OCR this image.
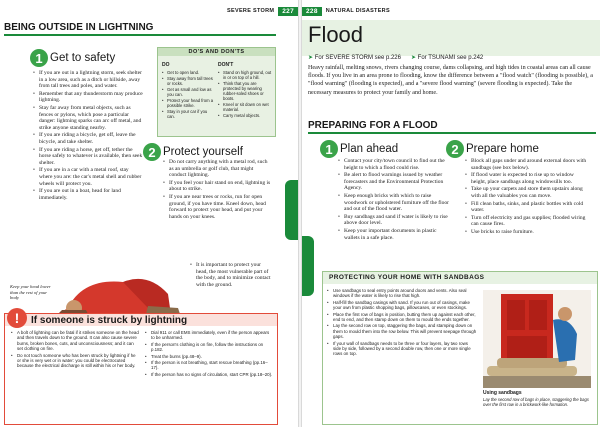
SEVERE STORM	227
BEING OUTSIDE IN LIGHTNING
1 Get to safety
• If you are out in a lightning storm, seek shelter in a low area, such as a ditch or hillside, away from tall trees and poles, and water.
• Remember that any thunderstorm may produce lightning.
• Stay far away from metal objects, such as fences or pylons, which pose a particular danger: lightning sparks can arc off metal, and strike anyone standing nearby.
• If you are riding a bicycle, get off, leave the bicycle, and take shelter.
• If you are riding a horse, get off, tether the horse safely to whatever is available, then seek shelter.
• If you are in a car with a metal roof, stay where you are: the car's metal shell and rubber wheels will protect you.
• If you are out in a boat, head for land immediately.
DO'S AND DON'TS
DO
• Get to open land.
• Stay away from tall trees or rocks.
• Get as small and low as you can.
• Protect your head from a possible strike.
• Stay in your car if you can.
DON'T
• Stand on high ground, out in or on top of a hill.
• Think that you are protected by wearing rubber-soled shoes or boots.
• Kneel or sit down on wet material.
• Carry metal objects.
2 Protect yourself
• Do not carry anything with a metal rod, such as an umbrella or golf club, that might conduct lightning.
• If you feel your hair stand on end, lightning is about to strike.
• If you are near trees or rocks, run for open ground, if you have time. Kneel down, head forward to protect your head, and put your hands on your knees.
• It is important to protect your head, the most vulnerable part of the body, and to minimize contact with the ground.
Keep your head lower than the rest of your body
!	If someone is struck by lightning
• A bolt of lightning can be fatal if it strikes someone on the head and then travels down to the ground. It can also cause severe burns, broken bones, cuts, and unconsciousness; and it can set clothing on fire.
• Do not touch someone who has been struck by lightning if he or she is very wet or in water: you could be electrocuted because the electrical discharge is still within his or her body.
• Dial 911 or call EMS immediately, even if the person appears to be unharmed.
• If the person's clothing is on fire, follow the instructions on p.182.
• Treat the burns (pp.48–9).
• If the person is not breathing, start rescue breathing (pp.16–17).
• If the person has no signs of circulation, start CPR (pp.18–20).
228	NATURAL DISASTERS
Flood
➤ For SEVERE STORM see p.226 ➤ For TSUNAMI see p.242
Heavy rainfall, melting snows, rivers changing course, dams collapsing, and high tides in coastal areas can all cause floods. If you live in an area prone to flooding, know the difference between a "flood watch" (flooding is possible), a "flood warning" (flooding is expected), and a "severe flood warning" (severe flooding is expected). Take the necessary measures to protect your family and home.
PREPARING FOR A FLOOD
1 Plan ahead
• Contact your city/town council to find out the height to which a flood could rise.
• Be alert to flood warnings issued by weather forecasters and the Environmental Protection Agency.
• Keep enough bricks with which to raise woodwork or upholstered furniture off the floor and out of the flood water.
• Buy sandbags and sand if water is likely to rise above door level.
• Keep your important documents in plastic wallets in a safe place.
2 Prepare home
• Block all gaps under and around external doors with sandbags (see box below).
• If flood water is expected to rise up to window height, place sandbags along windowsills too.
• Take up your carpets and store them upstairs along with all the valuables you can move.
• Fill clean baths, sinks, and plastic bottles with cold water.
• Turn off electricity and gas supplies; flooded wiring can cause fires.
• Use bricks to raise furniture.
PROTECTING YOUR HOME WITH SANDBAGS
• Use sandbags to seal entry points around doors and vents. Also seal windows if the water is likely to rise that high.
• Half-fill the sandbag casings with sand. If you run out of casings, make your own from plastic shopping bags, pillowcases, or even stockings.
• Place the first row of bags in position, butting them up against each other, end to end, and then stamp down on them to mould the ends together.
• Lay the second row on top, staggering the bags, and stamping down on them to mould them into the row below. This will prevent seepage through gaps.
• If your wall of sandbags needs to be three or four layers, lay two rows side by side, followed by a second double row, then one or more single rows on top.
Using sandbags
Lay the second row of bags in place, staggering the bags over the first row in a brickwork-like formation.
